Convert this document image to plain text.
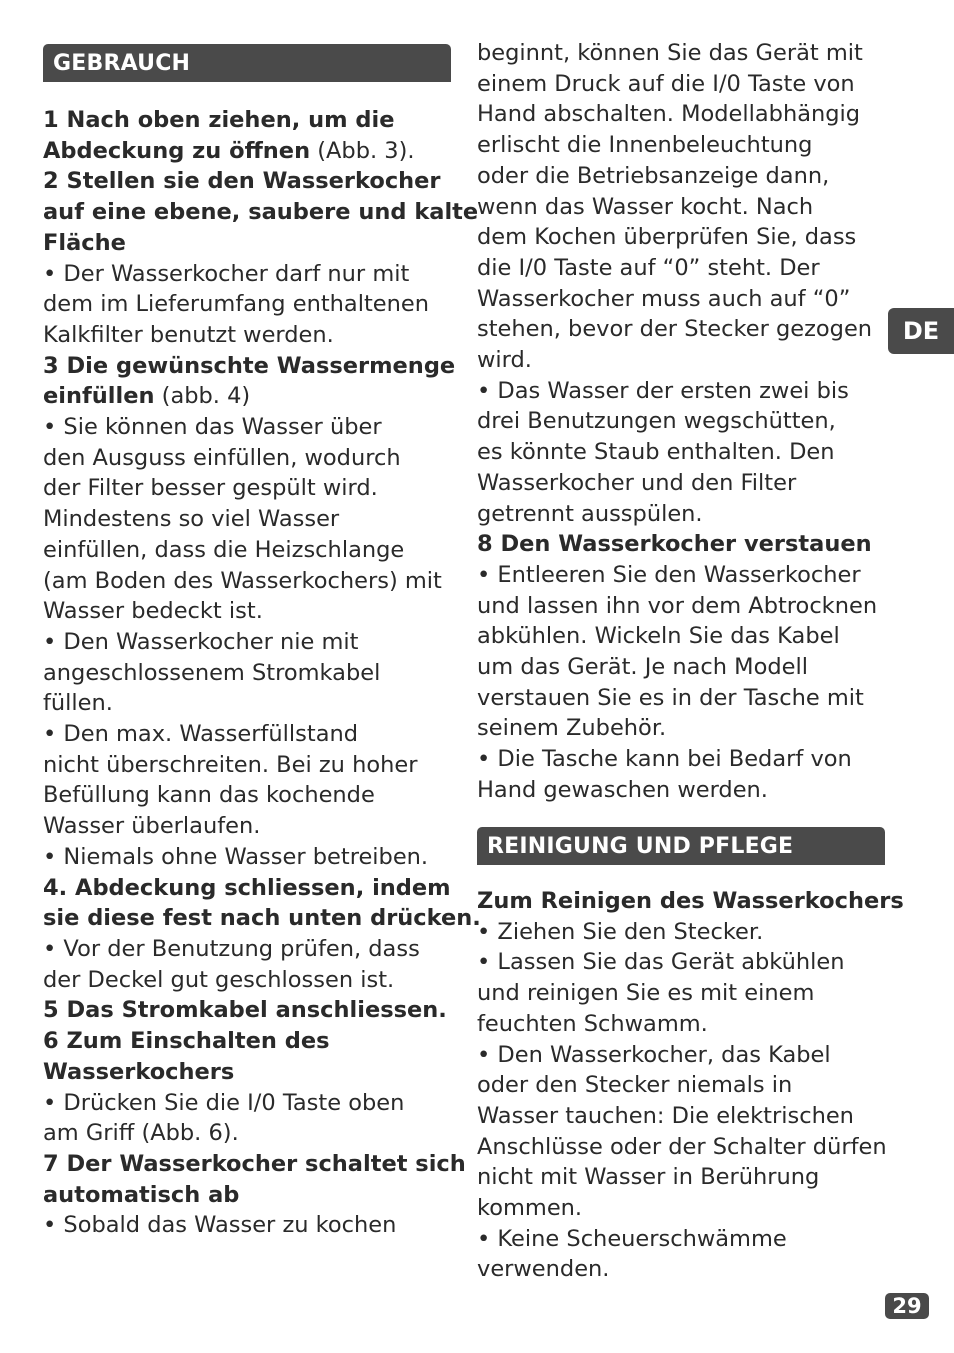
GEBRAUCH
1 Nach oben ziehen, um die
Abdeckung zu öffnen (Abb. 3).
2 Stellen sie den Wasserkocher
auf eine ebene, saubere und kalte
Fläche
• Der Wasserkocher darf nur mit
dem im Lieferumfang enthaltenen
Kalkfilter benutzt werden.
3 Die gewünschte Wassermenge
einfüllen (abb. 4)
• Sie können das Wasser über
den Ausguss einfüllen, wodurch
der Filter besser gespült wird.
Mindestens so viel Wasser
einfüllen, dass die Heizschlange
(am Boden des Wasserkochers) mit
Wasser bedeckt ist.
• Den Wasserkocher nie mit
angeschlossenem Stromkabel
füllen.
• Den max. Wasserfüllstand
nicht überschreiten. Bei zu hoher
Befüllung kann das kochende
Wasser überlaufen.
• Niemals ohne Wasser betreiben.
4. Abdeckung schliessen, indem
sie diese fest nach unten drücken.
• Vor der Benutzung prüfen, dass
der Deckel gut geschlossen ist.
5 Das Stromkabel anschliessen.
6 Zum Einschalten des
Wasserkochers
• Drücken Sie die I/0 Taste oben
am Griff (Abb. 6).
7 Der Wasserkocher schaltet sich
automatisch ab
• Sobald das Wasser zu kochen
beginnt, können Sie das Gerät mit
einem Druck auf die I/0 Taste von
Hand abschalten. Modellabhängig
erlischt die Innenbeleuchtung
oder die Betriebsanzeige dann,
wenn das Wasser kocht. Nach
dem Kochen überprüfen Sie, dass
die I/0 Taste auf “0” steht. Der
Wasserkocher muss auch auf “0”
stehen, bevor der Stecker gezogen
wird.
• Das Wasser der ersten zwei bis
drei Benutzungen wegschütten,
es könnte Staub enthalten. Den
Wasserkocher und den Filter
getrennt ausspülen.
8 Den Wasserkocher verstauen
• Entleeren Sie den Wasserkocher
und lassen ihn vor dem Abtrocknen
abkühlen. Wickeln Sie das Kabel
um das Gerät. Je nach Modell
verstauen Sie es in der Tasche mit
seinem Zubehör.
• Die Tasche kann bei Bedarf von
Hand gewaschen werden.
REINIGUNG UND PFLEGE
Zum Reinigen des Wasserkochers
• Ziehen Sie den Stecker.
• Lassen Sie das Gerät abkühlen
und reinigen Sie es mit einem
feuchten Schwamm.
• Den Wasserkocher, das Kabel
oder den Stecker niemals in
Wasser tauchen: Die elektrischen
Anschlüsse oder der Schalter dürfen
nicht mit Wasser in Berührung
kommen.
• Keine Scheuerschwämme
verwenden.
DE
29
